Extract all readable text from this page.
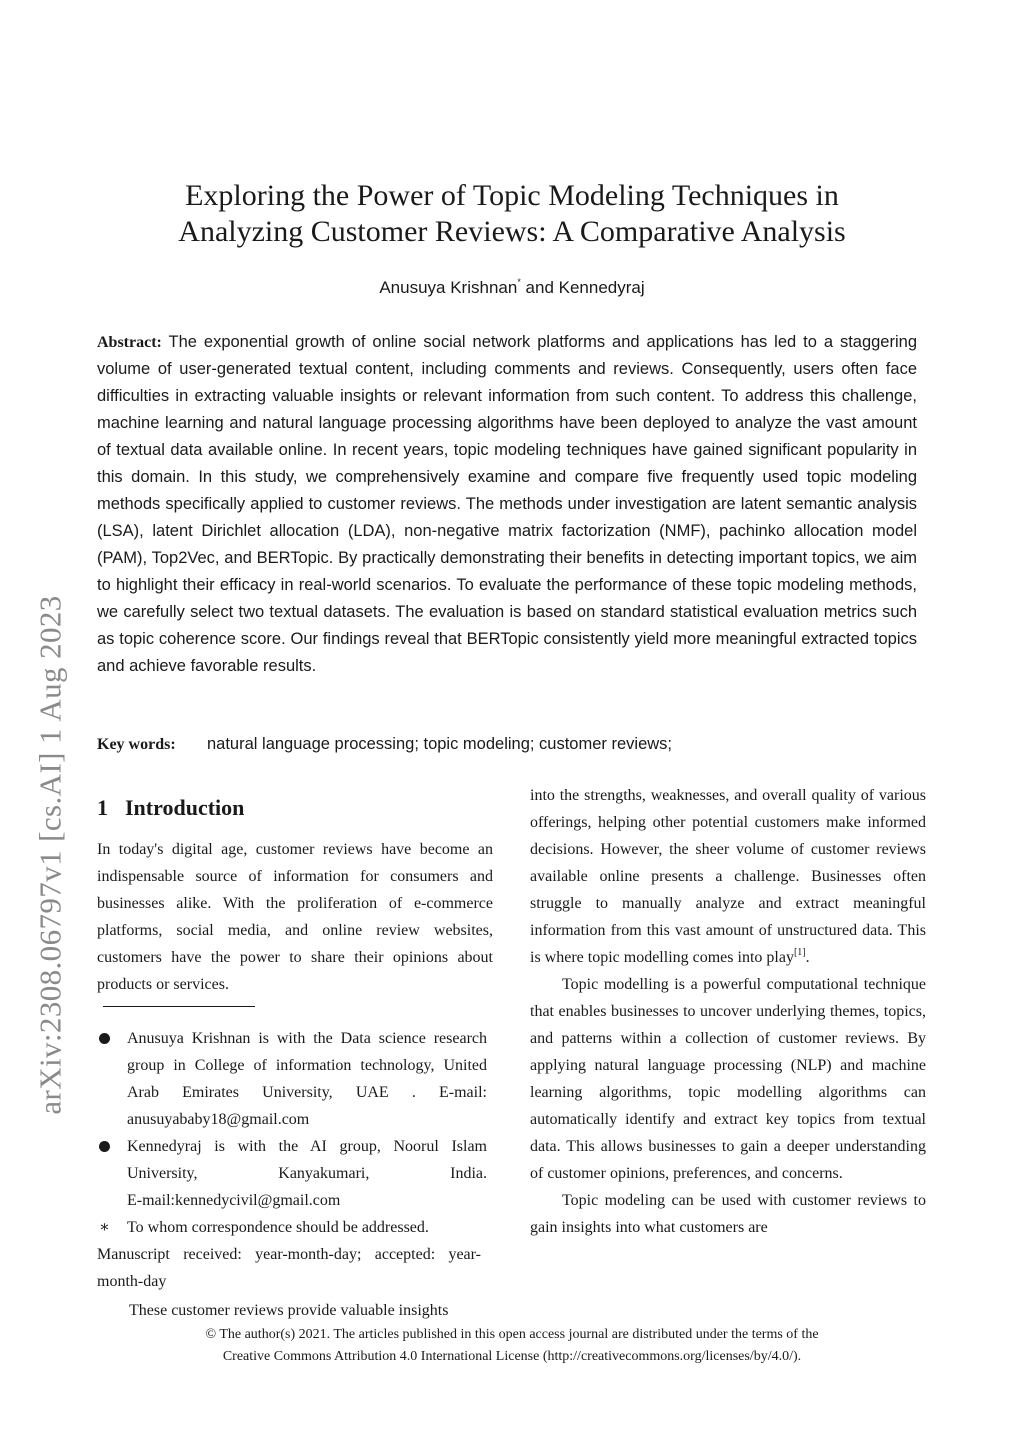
arXiv:2308.06797v1 [cs.AI] 1 Aug 2023
Exploring the Power of Topic Modeling Techniques in
Analyzing Customer Reviews: A Comparative Analysis
Anusuya Krishnan* and Kennedyraj
Abstract: The exponential growth of online social network platforms and applications has led to a staggering volume of user-generated textual content, including comments and reviews. Consequently, users often face difficulties in extracting valuable insights or relevant information from such content. To address this challenge, machine learning and natural language processing algorithms have been deployed to analyze the vast amount of textual data available online. In recent years, topic modeling techniques have gained significant popularity in this domain. In this study, we comprehensively examine and compare five frequently used topic modeling methods specifically applied to customer reviews. The methods under investigation are latent semantic analysis (LSA), latent Dirichlet allocation (LDA), non-negative matrix factorization (NMF), pachinko allocation model (PAM), Top2Vec, and BERTopic. By practically demonstrating their benefits in detecting important topics, we aim to highlight their efficacy in real-world scenarios. To evaluate the performance of these topic modeling methods, we carefully select two textual datasets. The evaluation is based on standard statistical evaluation metrics such as topic coherence score. Our findings reveal that BERTopic consistently yield more meaningful extracted topics and achieve favorable results.
Key words: natural language processing; topic modeling; customer reviews;
1 Introduction

In today's digital age, customer reviews have become an indispensable source of information for consumers and businesses alike. With the proliferation of e-commerce platforms, social media, and online review websites, customers have the power to share their opinions about products or services.

Anusuya Krishnan is with the Data science research group in College of information technology, United Arab Emirates University, UAE . E-mail: anusuyababy18@gmail.com
Kennedyraj is with the AI group, Noorul Islam University, Kanyakumari, India.
E-mail:kennedycivil@gmail.com
∗ To whom correspondence should be addressed.

Manuscript received: year-month-day; accepted: year-month-day

These customer reviews provide valuable insights

into the strengths, weaknesses, and overall quality of various offerings, helping other potential customers make informed decisions. However, the sheer volume of customer reviews available online presents a challenge. Businesses often struggle to manually analyze and extract meaningful information from this vast amount of unstructured data. This is where topic modelling comes into play[1].

Topic modelling is a powerful computational technique that enables businesses to uncover underlying themes, topics, and patterns within a collection of customer reviews. By applying natural language processing (NLP) and machine learning algorithms, topic modelling algorithms can automatically identify and extract key topics from textual data. This allows businesses to gain a deeper understanding of customer opinions, preferences, and concerns.

Topic modeling can be used with customer reviews to gain insights into what customers are

© The author(s) 2021. The articles published in this open access journal are distributed under the terms of the
Creative Commons Attribution 4.0 International License (http://creativecommons.org/licenses/by/4.0/).
